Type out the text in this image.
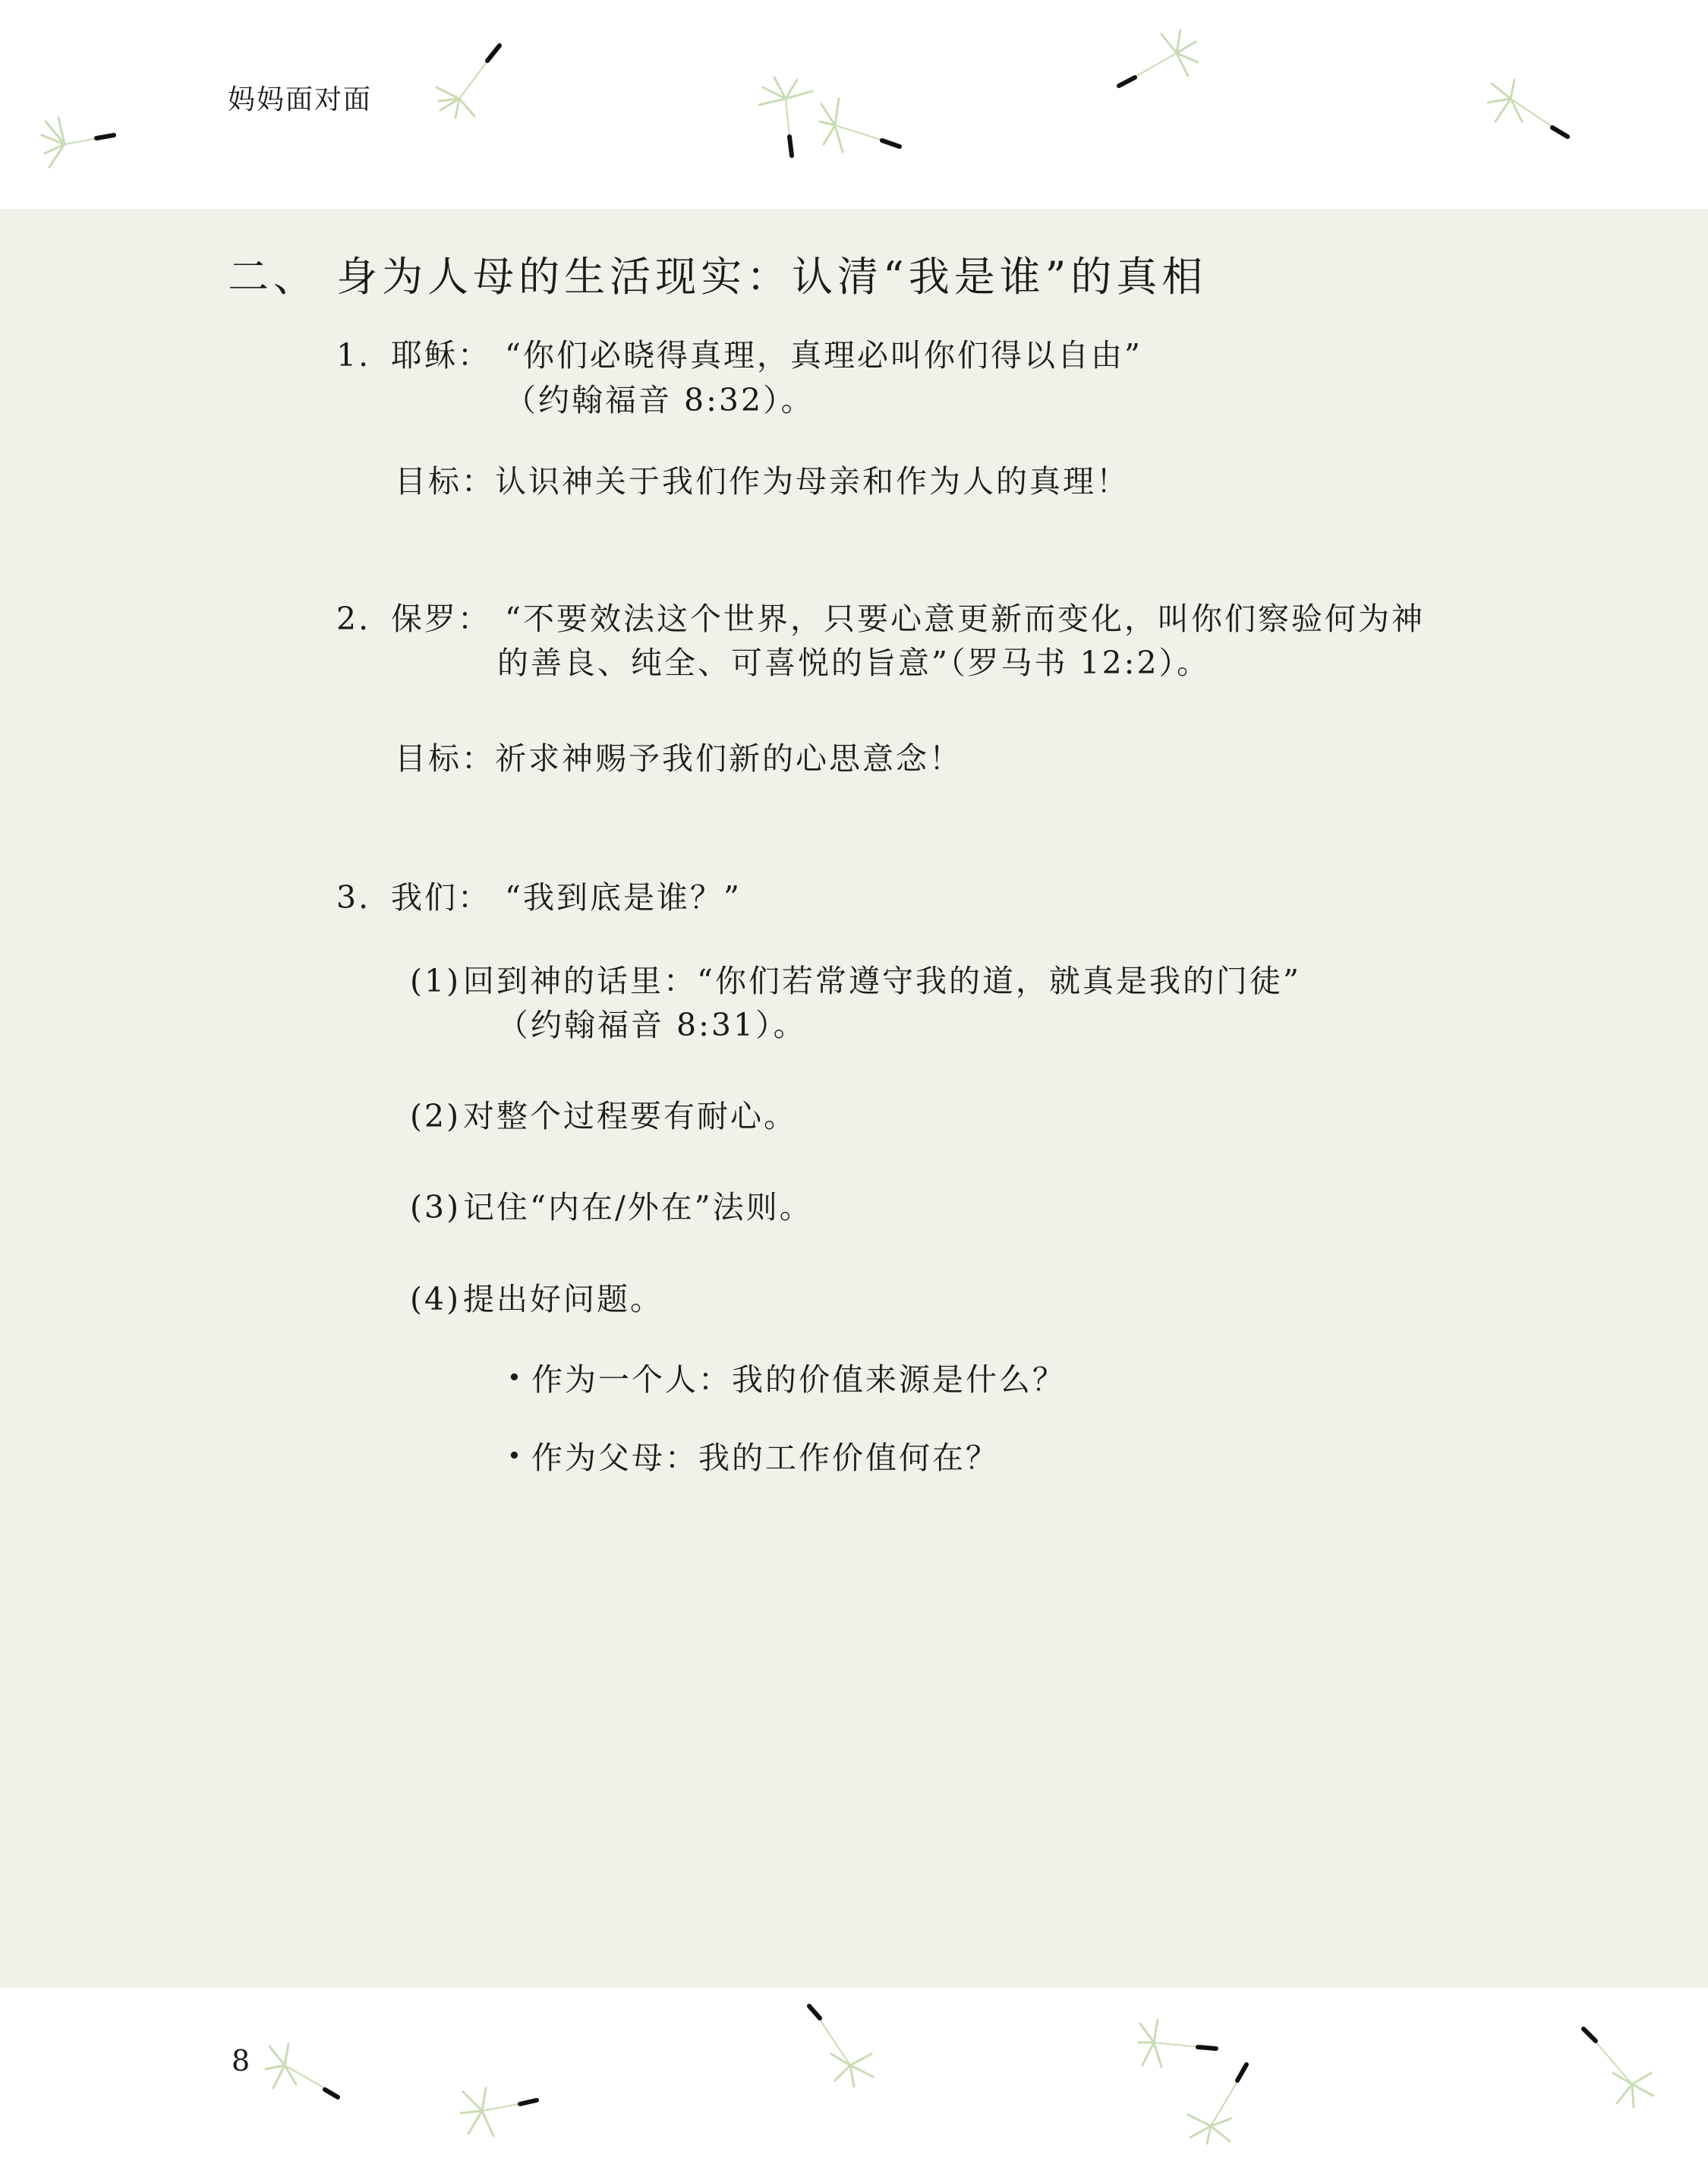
妈妈面对面
8
二、 身为人母的生活现实：认清“我是谁”的真相
1. 耶稣： “你们必晓得真理，真理必叫你们得以自由”
（约翰福音 8:32）。
目标：认识神关于我们作为母亲和作为人的真理！
2. 保罗： “不要效法这个世界，只要心意更新而变化，叫你们察验何为神
的善良、纯全、可喜悦的旨意”（罗马书 12:2）。
目标：祈求神赐予我们新的心思意念！
3. 我们： “我到底是谁？”
(1) 回到神的话里：“你们若常遵守我的道，就真是我的门徒”
（约翰福音 8:31）。
(2) 对整个过程要有耐心。
(3) 记住“内在/外在”法则。
(4) 提出好问题。
• 作为一个人：我的价值来源是什么？
• 作为父母：我的工作价值何在？
